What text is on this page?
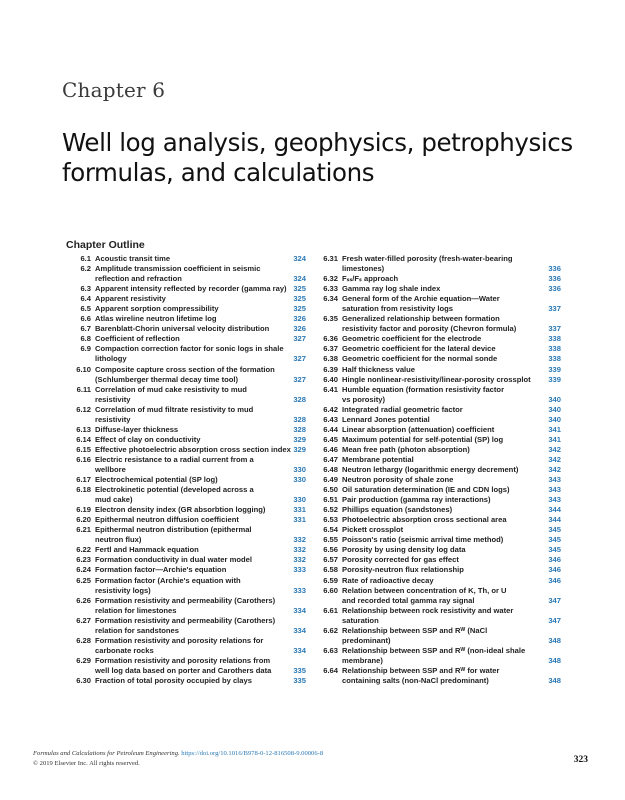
Chapter 6
Well log analysis, geophysics, petrophysics
formulas, and calculations
Chapter Outline
6.1 Acoustic transit time	324
6.2 Amplitude transmission coefficient in seismic
reflection and refraction	324
6.3 Apparent intensity reflected by recorder (gamma ray) 325
6.4 Apparent resistivity	325
6.5 Apparent sorption compressibility	325
6.6 Atlas wireline neutron lifetime log	326
6.7 Barenblatt-Chorin universal velocity distribution	326
6.8 Coefficient of reflection	327
6.9 Compaction correction factor for sonic logs in shale
lithology	327
6.10 Composite capture cross section of the formation
(Schlumberger thermal decay time tool)	327
6.11 Correlation of mud cake resistivity to mud
resistivity	328
6.12 Correlation of mud filtrate resistivity to mud
resistivity	328
6.13 Diffuse-layer thickness	328
6.14 Effect of clay on conductivity	329
6.15 Effective photoelectric absorption cross section index 329
6.16 Electric resistance to a radial current from a
wellbore	330
6.17 Electrochemical potential (SP log)	330
6.18 Electrokinetic potential (developed across a
mud cake)	330
6.19 Electron density index (GR absorbtion logging)	331
6.20 Epithermal neutron diffusion coefficient	331
6.21 Epithermal neutron distribution (epithermal
neutron flux)	332
6.22 Fertl and Hammack equation	332
6.23 Formation conductivity in dual water model	332
6.24 Formation factor—Archie's equation	333
6.25 Formation factor (Archie's equation with
resistivity logs)	333
6.26 Formation resistivity and permeability (Carothers)
relation for limestones	334
6.27 Formation resistivity and permeability (Carothers)
relation for sandstones	334
6.28 Formation resistivity and porosity relations for
carbonate rocks	334
6.29 Formation resistivity and porosity relations from
well log data based on porter and Carothers data	335
6.30 Fraction of total porosity occupied by clays	335
6.31 Fresh water-filled porosity (fresh-water-bearing
limestones)	336
6.32 Fₛₛ/Fₛ approach	336
6.33 Gamma ray log shale index	336
6.34 General form of the Archie equation—Water
saturation from resistivity logs	337
6.35 Generalized relationship between formation
resistivity factor and porosity (Chevron formula)	337
6.36 Geometric coefficient for the electrode	338
6.37 Geometric coefficient for the lateral device	338
6.38 Geometric coefficient for the normal sonde	338
6.39 Half thickness value	339
6.40 Hingle nonlinear-resistivity/linear-porosity crossplot	339
6.41 Humble equation (formation resistivity factor
vs porosity)	340
6.42 Integrated radial geometric factor	340
6.43 Lennard Jones potential	340
6.44 Linear absorption (attenuation) coefficient	341
6.45 Maximum potential for self-potential (SP) log	341
6.46 Mean free path (photon absorption)	342
6.47 Membrane potential	342
6.48 Neutron lethargy (logarithmic energy decrement)	342
6.49 Neutron porosity of shale zone	343
6.50 Oil saturation determination (IE and CDN logs)	343
6.51 Pair production (gamma ray interactions)	343
6.52 Phillips equation (sandstones)	344
6.53 Photoelectric absorption cross sectional area	344
6.54 Pickett crossplot	345
6.55 Poisson's ratio (seismic arrival time method)	345
6.56 Porosity by using density log data	345
6.57 Porosity corrected for gas effect	346
6.58 Porosity-neutron flux relationship	346
6.59 Rate of radioactive decay	346
6.60 Relation between concentration of K, Th, or U
and recorded total gamma ray signal	347
6.61 Relationship between rock resistivity and water
saturation	347
6.62 Relationship between SSP and Rᵂ (NaCl
predominant)	348
6.63 Relationship between SSP and Rᵂ (non-ideal shale
membrane)	348
6.64 Relationship between SSP and Rᵂ for water
containing salts (non-NaCl predominant)	348
Formulas and Calculations for Petroleum Engineering. https://doi.org/10.1016/B978-0-12-816508-9.00006-8
© 2019 Elsevier Inc. All rights reserved.	323
